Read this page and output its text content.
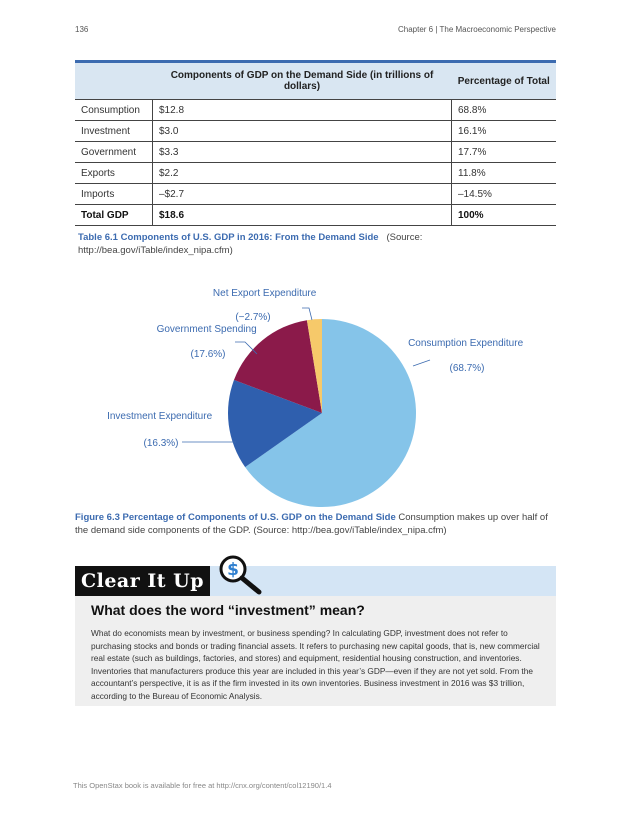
136	Chapter 6 | The Macroeconomic Perspective
	Components of GDP on the Demand Side (in trillions of dollars)	Percentage of Total
Consumption	$12.8	68.8%
Investment	$3.0	16.1%
Government	$3.3	17.7%
Exports	$2.2	11.8%
Imports	–$2.7	–14.5%
Total GDP	$18.6	100%
Table 6.1 Components of U.S. GDP in 2016: From the Demand Side (Source: http://bea.gov/iTable/index_nipa.cfm)
Consumption Expenditure (68.7%)
Investment Expenditure (16.3%)
Government Spending (17.6%)
Net Export Expenditure (−2.7%)
Figure 6.3 Percentage of Components of U.S. GDP on the Demand Side Consumption makes up over half of the demand side components of the GDP. (Source: http://bea.gov/iTable/index_nipa.cfm)
Clear It Up	$
What does the word “investment” mean?
What do economists mean by investment, or business spending? In calculating GDP, investment does not refer to purchasing stocks and bonds or trading financial assets. It refers to purchasing new capital goods, that is, new commercial real estate (such as buildings, factories, and stores) and equipment, residential housing construction, and inventories. Inventories that manufacturers produce this year are included in this year’s GDP—even if they are not yet sold. From the accountant’s perspective, it is as if the firm invested in its own inventories. Business investment in 2016 was $3 trillion, according to the Bureau of Economic Analysis.
This OpenStax book is available for free at http://cnx.org/content/col12190/1.4
